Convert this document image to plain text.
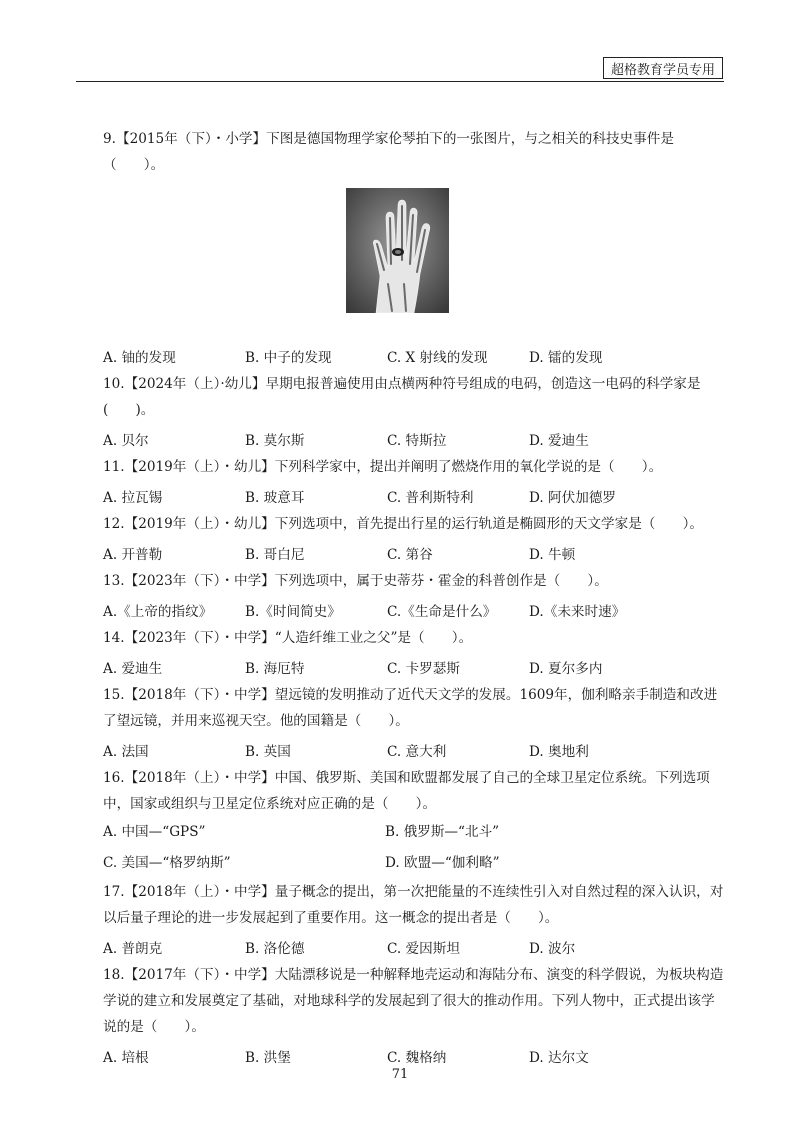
超格教育学员专用

9.【2015年（下）・小学】下图是德国物理学家伦琴拍下的一张图片，与之相关的科技史事件是（　　）。

A. 铀的发现	B. 中子的发现	C. X 射线的发现	D. 镭的发现

10.【2024年（上）·幼儿】早期电报普遍使用由点横两种符号组成的电码，创造这一电码的科学家是(　　)。

A. 贝尔	B. 莫尔斯	C. 特斯拉	D. 爱迪生

11.【2019年（上）・幼儿】下列科学家中，提出并阐明了燃烧作用的氧化学说的是（　　）。

A. 拉瓦锡	B. 玻意耳	C. 普利斯特利	D. 阿伏加德罗

12.【2019年（上）・幼儿】下列选项中，首先提出行星的运行轨道是椭圆形的天文学家是（　　）。

A. 开普勒	B. 哥白尼	C. 第谷	D. 牛顿

13.【2023年（下）・中学】下列选项中，属于史蒂芬・霍金的科普创作是（　　）。

A.《上帝的指纹》	B.《时间简史》	C.《生命是什么》	D.《未来时速》

14.【2023年（下）・中学】“人造纤维工业之父”是（　　）。

A. 爱迪生	B. 海厄特	C. 卡罗瑟斯	D. 夏尔多内

15.【2018年（下）・中学】望远镜的发明推动了近代天文学的发展。1609年，伽利略亲手制造和改进了望远镜，并用来巡视天空。他的国籍是（　　）。

A. 法国	B. 英国	C. 意大利	D. 奥地利

16.【2018年（上）・中学】中国、俄罗斯、美国和欧盟都发展了自己的全球卫星定位系统。下列选项中，国家或组织与卫星定位系统对应正确的是（　　）。

A. 中国—“GPS”	B. 俄罗斯—“北斗”
C. 美国—“格罗纳斯”	D. 欧盟—“伽利略”

17.【2018年（上）・中学】量子概念的提出，第一次把能量的不连续性引入对自然过程的深入认识，对以后量子理论的进一步发展起到了重要作用。这一概念的提出者是（　　）。

A. 普朗克	B. 洛伦德	C. 爱因斯坦	D. 波尔

18.【2017年（下）・中学】大陆漂移说是一种解释地壳运动和海陆分布、演变的科学假说，为板块构造学说的建立和发展奠定了基础，对地球科学的发展起到了很大的推动作用。下列人物中，正式提出该学说的是（　　）。

A. 培根	B. 洪堡	C. 魏格纳	D. 达尔文
71
